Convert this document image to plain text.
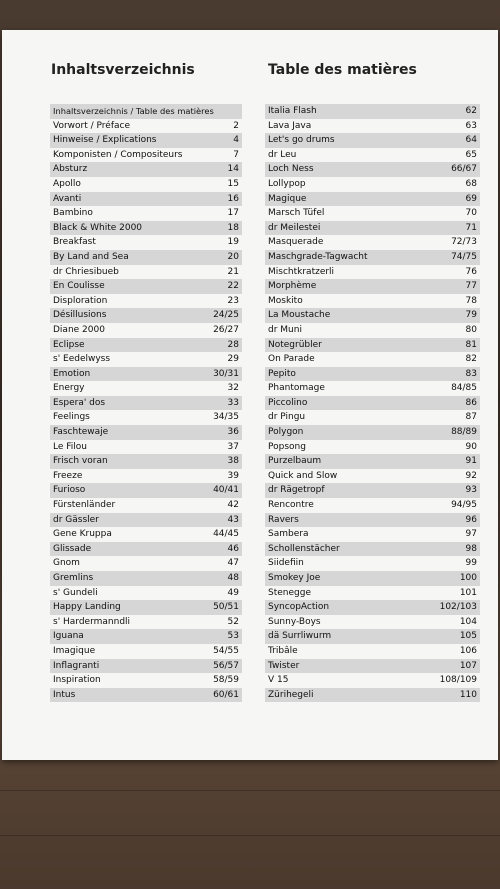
Inhaltsverzeichnis	Table des matières
Inhaltsverzeichnis / Table des matières
Vorwort / Préface	2
Hinweise / Explications	4
Komponisten / Compositeurs	7
Absturz	14
Apollo	15
Avanti	16
Bambino	17
Black & White 2000	18
Breakfast	19
By Land and Sea	20
dr Chriesibueb	21
En Coulisse	22
Disploration	23
Désillusions	24/25
Diane 2000	26/27
Eclipse	28
s' Eedelwyss	29
Emotion	30/31
Energy	32
Espera' dos	33
Feelings	34/35
Faschtewaje	36
Le Filou	37
Frisch voran	38
Freeze	39
Furioso	40/41
Fürstenländer	42
dr Gässler	43
Gene Kruppa	44/45
Glissade	46
Gnom	47
Gremlins	48
s' Gundeli	49
Happy Landing	50/51
s' Hardermanndli	52
Iguana	53
Imagique	54/55
Inflagranti	56/57
Inspiration	58/59
Intus	60/61
Italia Flash	62
Lava Java	63
Let's go drums	64
dr Leu	65
Loch Ness	66/67
Lollypop	68
Magique	69
Marsch Tüfel	70
dr Meilestei	71
Masquerade	72/73
Maschgrade-Tagwacht	74/75
Mischtkratzerli	76
Morphème	77
Moskito	78
La Moustache	79
dr Muni	80
Notegrübler	81
On Parade	82
Pepito	83
Phantomage	84/85
Piccolino	86
dr Pingu	87
Polygon	88/89
Popsong	90
Purzelbaum	91
Quick and Slow	92
dr Rägetropf	93
Rencontre	94/95
Ravers	96
Sambera	97
Schollenstächer	98
Siidefiin	99
Smokey Joe	100
Stenegge	101
SyncopAction	102/103
Sunny-Boys	104
dä Surrliwurm	105
Tribâle	106
Twister	107
V 15	108/109
Zürihegeli	110
